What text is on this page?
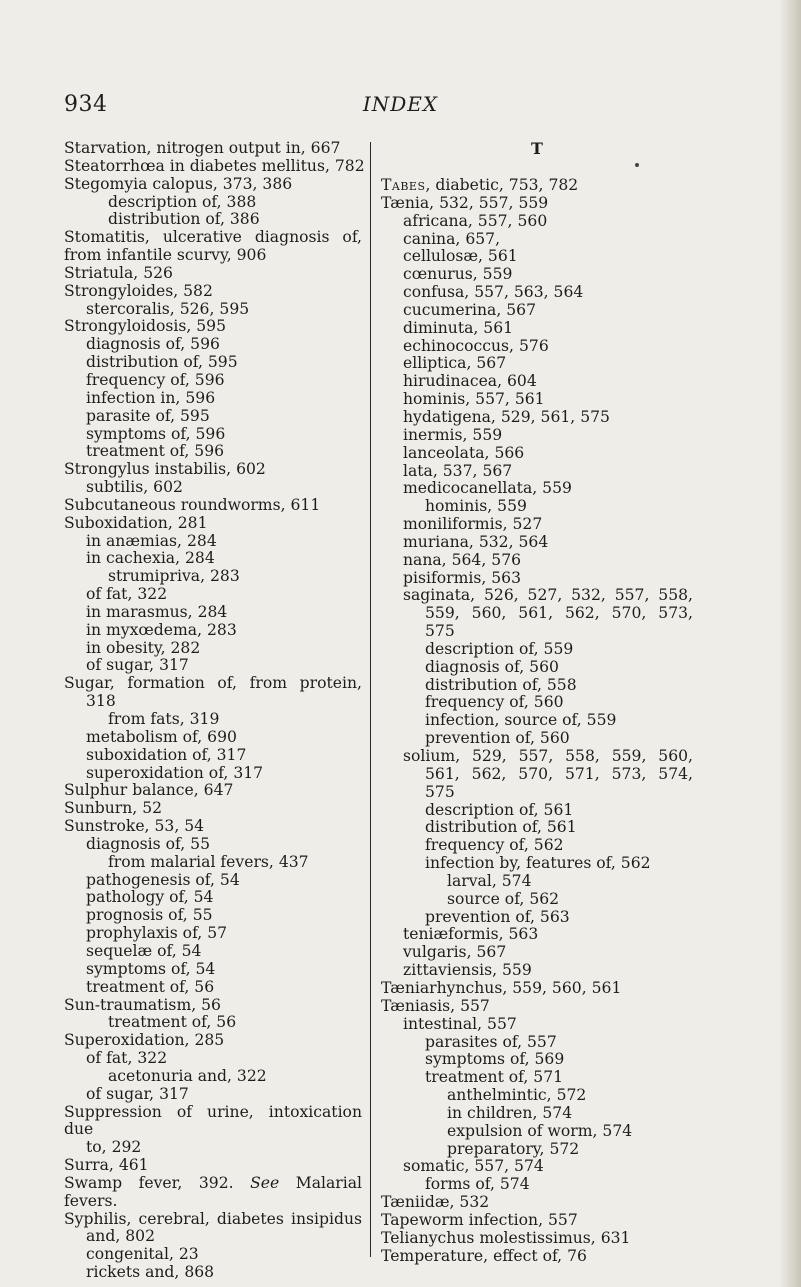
934	INDEX
Starvation, nitrogen output in, 667
Steatorrhœa in diabetes mellitus, 782
Stegomyia calopus, 373, 386
description of, 388
distribution of, 386
Stomatitis, ulcerative diagnosis of,
from infantile scurvy, 906
Striatula, 526
Strongyloides, 582
stercoralis, 526, 595
Strongyloidosis, 595
diagnosis of, 596
distribution of, 595
frequency of, 596
infection in, 596
parasite of, 595
symptoms of, 596
treatment of, 596
Strongylus instabilis, 602
subtilis, 602
Subcutaneous roundworms, 611
Suboxidation, 281
in anæmias, 284
in cachexia, 284
strumipriva, 283
of fat, 322
in marasmus, 284
in myxœdema, 283
in obesity, 282
of sugar, 317
Sugar, formation of, from protein,
318
from fats, 319
metabolism of, 690
suboxidation of, 317
superoxidation of, 317
Sulphur balance, 647
Sunburn, 52
Sunstroke, 53, 54
diagnosis of, 55
from malarial fevers, 437
pathogenesis of, 54
pathology of, 54
prognosis of, 55
prophylaxis of, 57
sequelæ of, 54
symptoms of, 54
treatment of, 56
Sun-traumatism, 56
treatment of, 56
Superoxidation, 285
of fat, 322
acetonuria and, 322
of sugar, 317
Suppression of urine, intoxication due
to, 292
Surra, 461
Swamp fever, 392. See Malarial
fevers.
Syphilis, cerebral, diabetes insipidus
and, 802
congenital, 23
rickets and, 868
T
Tabes, diabetic, 753, 782
Tænia, 532, 557, 559
africana, 557, 560
canina, 657,
cellulosæ, 561
cœnurus, 559
confusa, 557, 563, 564
cucumerina, 567
diminuta, 561
echinococcus, 576
elliptica, 567
hirudinacea, 604
hominis, 557, 561
hydatigena, 529, 561, 575
inermis, 559
lanceolata, 566
lata, 537, 567
medicocanellata, 559
hominis, 559
moniliformis, 527
muriana, 532, 564
nana, 564, 576
pisiformis, 563
saginata, 526, 527, 532, 557, 558,
559, 560, 561, 562, 570, 573,
575
description of, 559
diagnosis of, 560
distribution of, 558
frequency of, 560
infection, source of, 559
prevention of, 560
solium, 529, 557, 558, 559, 560,
561, 562, 570, 571, 573, 574,
575
description of, 561
distribution of, 561
frequency of, 562
infection by, features of, 562
larval, 574
source of, 562
prevention of, 563
teniæformis, 563
vulgaris, 567
zittaviensis, 559
Tæniarhynchus, 559, 560, 561
Tæniasis, 557
intestinal, 557
parasites of, 557
symptoms of, 569
treatment of, 571
anthelmintic, 572
in children, 574
expulsion of worm, 574
preparatory, 572
somatic, 557, 574
forms of, 574
Tæniidæ, 532
Tapeworm infection, 557
Telianychus molestissimus, 631
Temperature, effect of, 76
